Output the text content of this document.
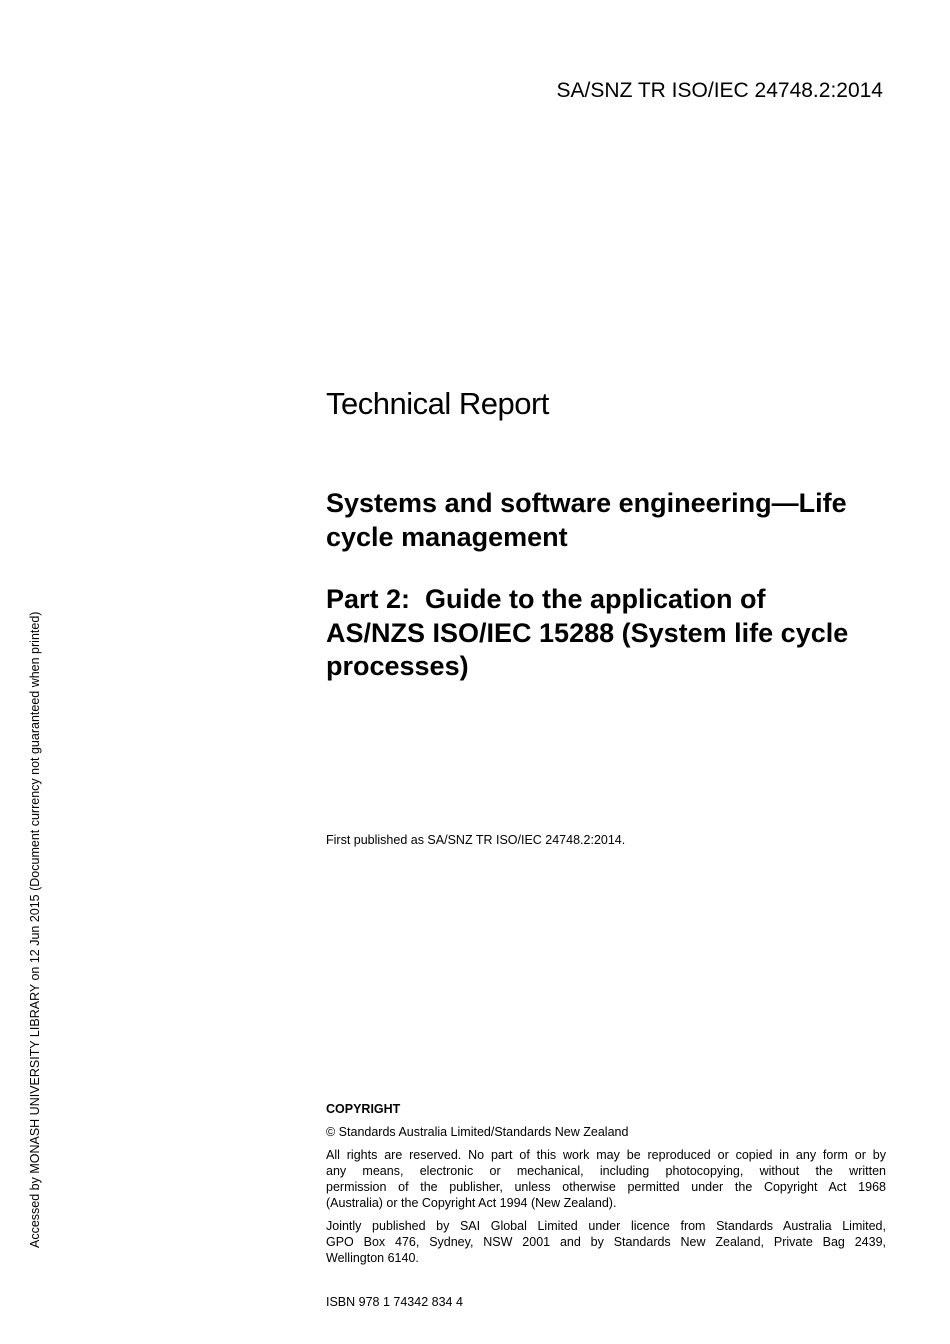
SA/SNZ TR ISO/IEC 24748.2:2014
Technical Report
Systems and software engineering—Life
cycle management
Part 2:  Guide to the application of
AS/NZS ISO/IEC 15288 (System life cycle
processes)
First published as SA/SNZ TR ISO/IEC 24748.2:2014.
COPYRIGHT

© Standards Australia Limited/Standards New Zealand

All rights are reserved. No part of this work may be reproduced or copied in any form or by
any means, electronic or mechanical, including photocopying, without the written
permission of the publisher, unless otherwise permitted under the Copyright Act 1968
(Australia) or the Copyright Act 1994 (New Zealand).
Jointly published by SAI Global Limited under licence from Standards Australia Limited,
GPO Box 476, Sydney, NSW 2001 and by Standards New Zealand, Private Bag 2439,
Wellington 6140.
ISBN 978 1 74342 834 4
Accessed by MONASH UNIVERSITY LIBRARY on 12 Jun 2015 (Document currency not guaranteed when printed)
